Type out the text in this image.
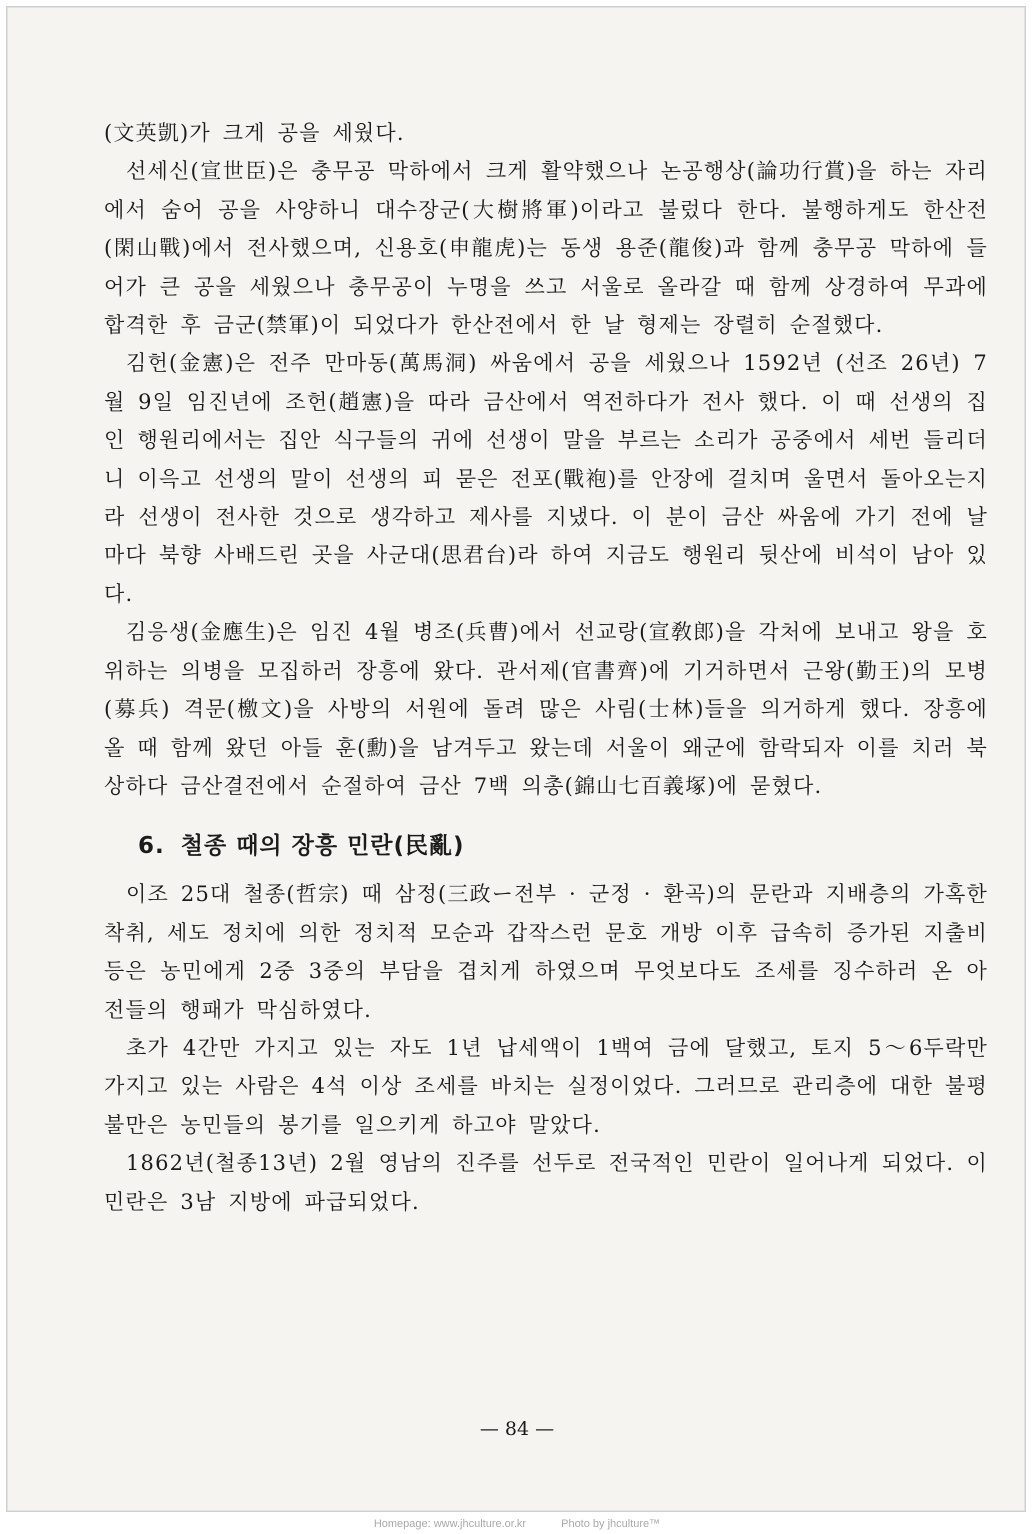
(文英凱)가 크게 공을 세웠다.

선세신(宣世臣)은 충무공 막하에서 크게 활약했으나 논공행상(論功行賞)을 하는 자리에서 숨어 공을 사양하니 대수장군(大樹將軍)이라고 불렀다 한다. 불행하게도 한산전(閑山戰)에서 전사했으며, 신용호(申龍虎)는 동생 용준(龍俊)과 함께 충무공 막하에 들어가 큰 공을 세웠으나 충무공이 누명을 쓰고 서울로 올라갈 때 함께 상경하여 무과에 합격한 후 금군(禁軍)이 되었다가 한산전에서 한 날 형제는 장렬히 순절했다.

김헌(金憲)은 전주 만마동(萬馬洞) 싸움에서 공을 세웠으나 1592년 (선조 26년) 7월 9일 임진년에 조헌(趙憲)을 따라 금산에서 역전하다가 전사 했다. 이 때 선생의 집인 행원리에서는 집안 식구들의 귀에 선생이 말을 부르는 소리가 공중에서 세번 들리더니 이윽고 선생의 말이 선생의 피 묻은 전포(戰袍)를 안장에 걸치며 울면서 돌아오는지라 선생이 전사한 것으로 생각하고 제사를 지냈다. 이 분이 금산 싸움에 가기 전에 날마다 북향 사배드린 곳을 사군대(思君台)라 하여 지금도 행원리 뒷산에 비석이 남아 있다.

김응생(金應生)은 임진 4월 병조(兵曹)에서 선교랑(宣敎郎)을 각처에 보내고 왕을 호위하는 의병을 모집하러 장흥에 왔다. 관서제(官書齊)에 기거하면서 근왕(勤王)의 모병(募兵) 격문(檄文)을 사방의 서원에 돌려 많은 사림(士林)들을 의거하게 했다. 장흥에 올 때 함께 왔던 아들 훈(勳)을 남겨두고 왔는데 서울이 왜군에 함락되자 이를 치러 북상하다 금산결전에서 순절하여 금산 7백 의총(錦山七百義塚)에 묻혔다.

6. 철종 때의 장흥 민란(民亂)

이조 25대 철종(哲宗) 때 삼정(三政ー전부 · 군정 · 환곡)의 문란과 지배층의 가혹한 착취, 세도 정치에 의한 정치적 모순과 갑작스런 문호 개방 이후 급속히 증가된 지출비 등은 농민에게 2중 3중의 부담을 겹치게 하였으며 무엇보다도 조세를 징수하러 온 아전들의 행패가 막심하였다.

초가 4간만 가지고 있는 자도 1년 납세액이 1백여 금에 달했고, 토지 5～6두락만 가지고 있는 사람은 4석 이상 조세를 바치는 실정이었다. 그러므로 관리층에 대한 불평 불만은 농민들의 봉기를 일으키게 하고야 말았다.

1862년(철종13년) 2월 영남의 진주를 선두로 전국적인 민란이 일어나게 되었다. 이 민란은 3남 지방에 파급되었다.

— 84 —
Homepage: www.jhculture.or.kr	Photo by jhculture™
